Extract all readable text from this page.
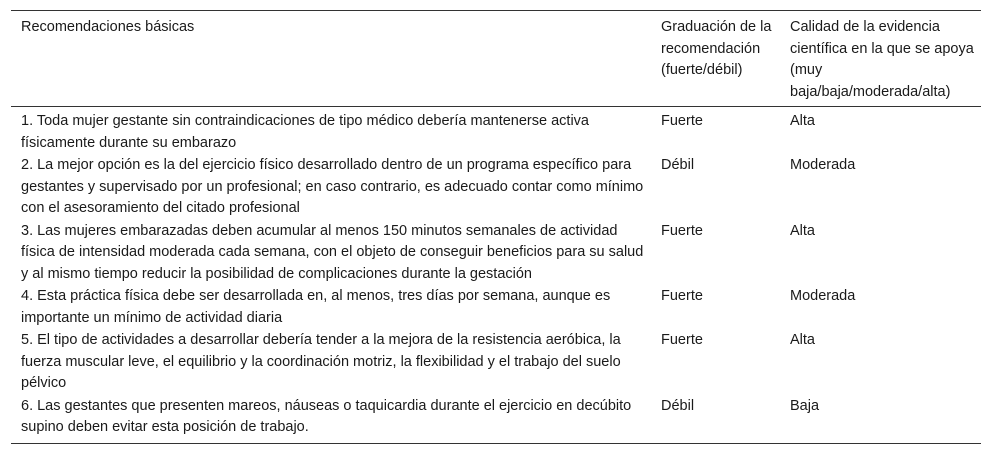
Recomendaciones básicas	Graduación de la recomendación (fuerte/débil)	Calidad de la evidencia científica en la que se apoya (muy baja/baja/moderada/alta)
1. Toda mujer gestante sin contraindicaciones de tipo médico debería mantenerse activa físicamente durante su embarazo	Fuerte	Alta
2. La mejor opción es la del ejercicio físico desarrollado dentro de un programa específico para gestantes y supervisado por un profesional; en caso contrario, es adecuado contar como mínimo con el asesoramiento del citado profesional	Débil	Moderada
3. Las mujeres embarazadas deben acumular al menos 150 minutos semanales de actividad física de intensidad moderada cada semana, con el objeto de conseguir beneficios para su salud y al mismo tiempo reducir la posibilidad de complicaciones durante la gestación	Fuerte	Alta
4. Esta práctica física debe ser desarrollada en, al menos, tres días por semana, aunque es importante un mínimo de actividad diaria	Fuerte	Moderada
5. El tipo de actividades a desarrollar debería tender a la mejora de la resistencia aeróbica, la fuerza muscular leve, el equilibrio y la coordinación motriz, la flexibilidad y el trabajo del suelo pélvico	Fuerte	Alta
6. Las gestantes que presenten mareos, náuseas o taquicardia durante el ejercicio en decúbito supino deben evitar esta posición de trabajo.	Débil	Baja
